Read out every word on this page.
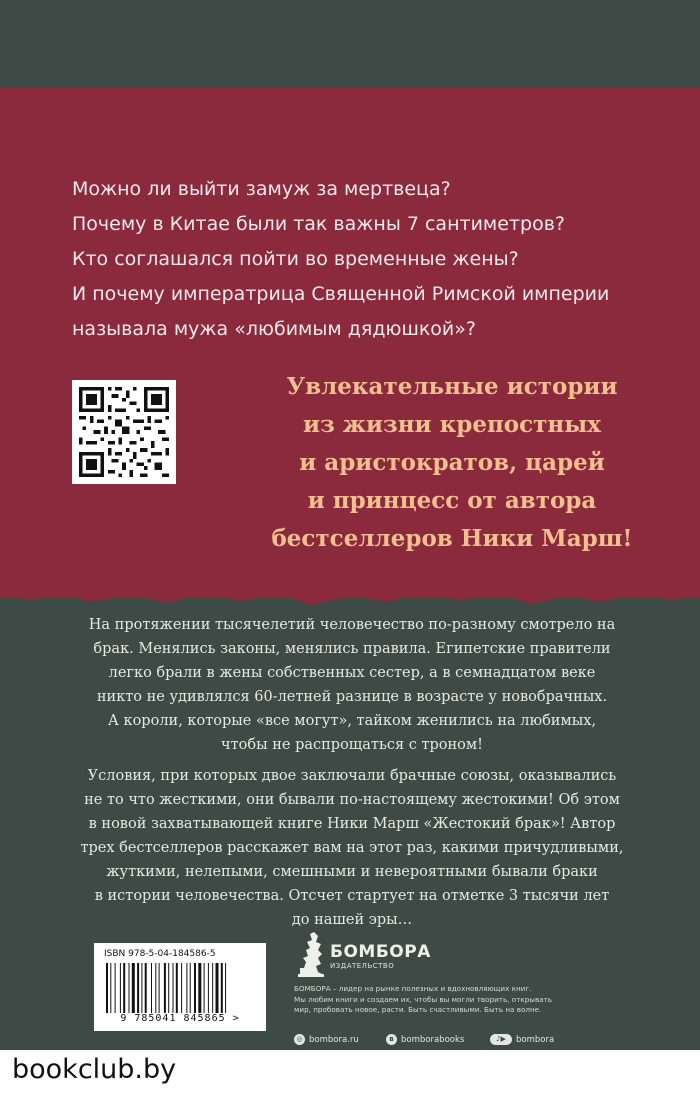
Можно ли выйти замуж за мертвеца?
Почему в Китае были так важны 7 сантиметров?
Кто соглашался пойти во временные жены?
И почему императрица Священной Римской империи
называла мужа «любимым дядюшкой»?
Увлекательные истории
из жизни крепостных
и аристократов, царей
и принцесс от автора
бестселлеров Ники Марш!
На протяжении тысячелетий человечество по-разному смотрело на
брак. Менялись законы, менялись правила. Египетские правители
легко брали в жены собственных сестер, а в семнадцатом веке
никто не удивлялся 60-летней разнице в возрасте у новобрачных.
А короли, которые «все могут», тайком женились на любимых,
чтобы не распрощаться с троном!
Условия, при которых двое заключали брачные союзы, оказывались
не то что жесткими, они бывали по-настоящему жестокими! Об этом
в новой захватывающей книге Ники Марш «Жестокий брак»! Автор
трех бестселлеров расскажет вам на этот раз, какими причудливыми,
жуткими, нелепыми, смешными и невероятными бывали браки
в истории человечества. Отсчет стартует на отметке 3 тысячи лет
до нашей эры…
ISBN 978-5-04-184586-5
9 785041 845865 >
БОМБОРА
ИЗДАТЕЛЬСТВО
БОМБОРА – лидер на рынке полезных и вдохновляющих книг.
Мы любим книги и создаем их, чтобы вы могли творить, открывать
мир, пробовать новое, расти. Быть счастливыми. Быть на волне.
◎ bombora.ru	в bomborabooks	♪▶	bombora
bookclub.by
